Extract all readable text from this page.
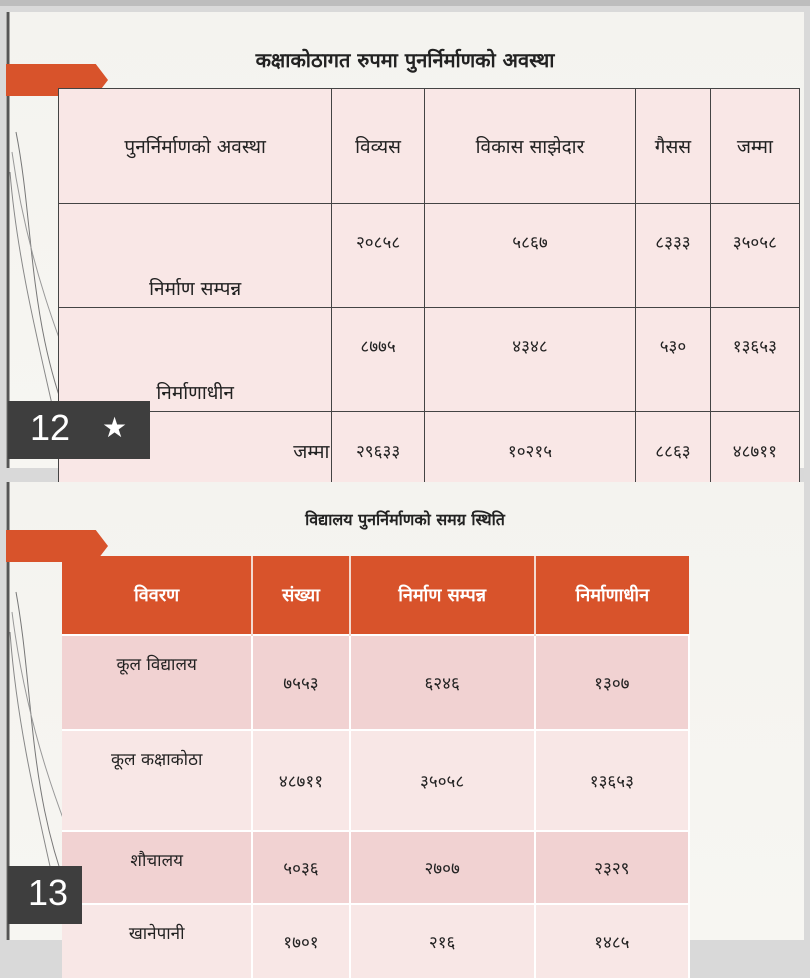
कक्षाकोठागत रुपमा पुनर्निर्माणको अवस्था
पुनर्निर्माणको अवस्था	विव्यस	विकास साझेदार	गैसस	जम्मा
निर्माण सम्पन्न	२०८५८	५८६७	८३३३	३५०५८
निर्माणाधीन	८७७५	४३४८	५३०	१३६५३
जम्मा	२९६३३	१०२१५	८८६३	४८७११
12 ★
विद्यालय पुनर्निर्माणको समग्र स्थिति
विवरण	संख्या	निर्माण सम्पन्न	निर्माणाधीन
कूल विद्यालय	७५५३	६२४६	१३०७
कूल कक्षाकोठा	४८७११	३५०५८	१३६५३
शौचालय	५०३६	२७०७	२३२९
खानेपानी	१७०१	२१६	१४८५
13
